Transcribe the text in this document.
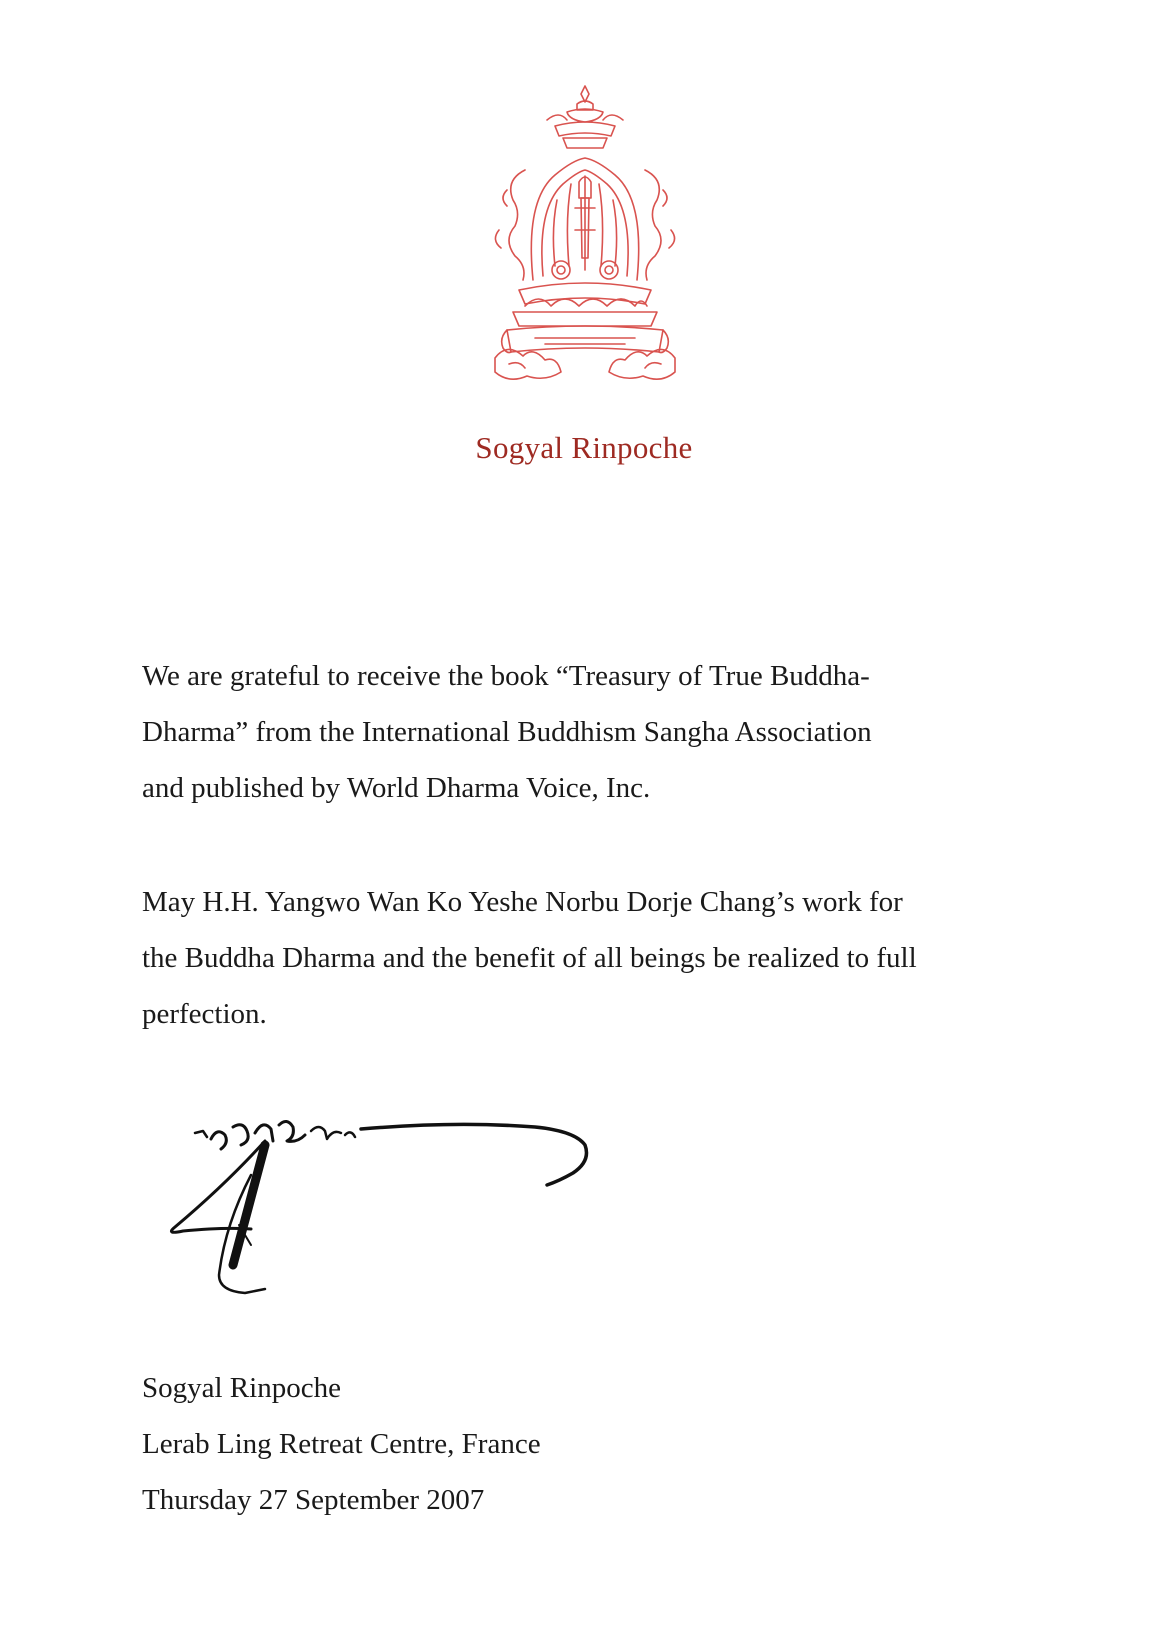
Sogyal Rinpoche
We are grateful to receive the book “Treasury of True Buddha-
Dharma” from the International Buddhism Sangha Association
and published by World Dharma Voice, Inc.
May H.H. Yangwo Wan Ko Yeshe Norbu Dorje Chang’s work for
the Buddha Dharma and the benefit of all beings be realized to full
perfection.
Sogyal Rinpoche
Lerab Ling Retreat Centre, France
Thursday 27 September 2007
